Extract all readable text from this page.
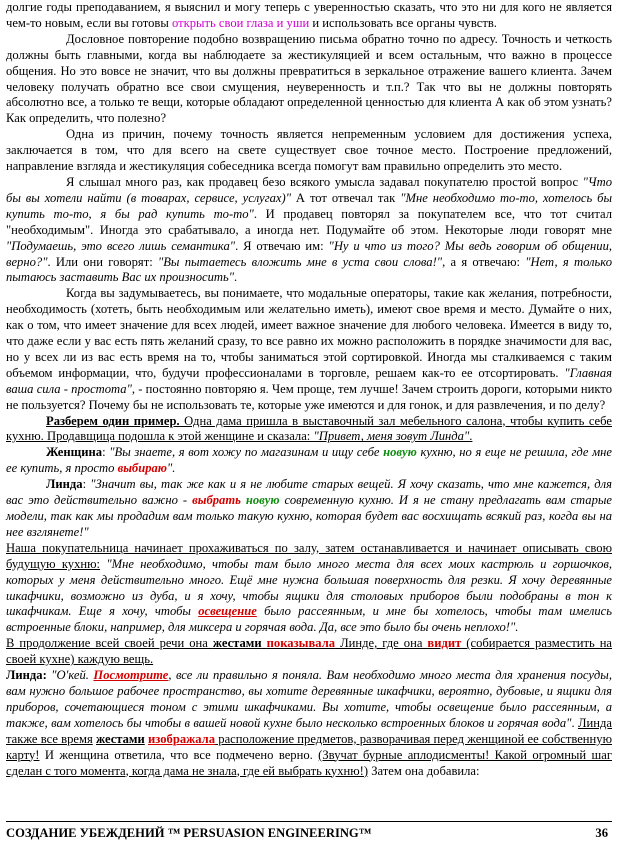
долгие годы преподаванием, я выяснил и могу теперь с уверенностью сказать, что это ни для кого не является чем-то новым, если вы готовы открыть свои глаза и уши и использовать все органы чувств.

Дословное повторение подобно возвращению письма обратно точно по адресу. Точность и четкость должны быть главными, когда вы наблюдаете за жестикуляцией и всем остальным, что важно в процессе общения. Но это вовсе не значит, что вы должны превратиться в зеркальное отражение вашего клиента. Зачем человеку получать обратно все свои смущения, неуверенность и т.п.? Так что вы не должны повторять абсолютно все, а только те вещи, которые обладают определенной ценностью для клиента А как об этом узнать? Как определить, что полезно?

Одна из причин, почему точность является непременным условием для достижения успеха, заключается в том, что для всего на свете существует свое точное место. Построение предложений, направление взгляда и жестикуляция собеседника всегда помогут вам правильно определить это место.

Я слышал много раз, как продавец безо всякого умысла задавал покупателю простой вопрос "Что бы вы хотели найти (в товарах, сервисе, услугах)" А тот отвечал так "Мне необходимо то-то, хотелось бы купить то-то, я бы рад купить то-то". И продавец повторял за покупателем все, что тот считал "необходимым". Иногда это срабатывало, а иногда нет. Подумайте об этом. Некоторые люди говорят мне "Подумаешь, это всего лишь семантика". Я отвечаю им: "Ну и что из того? Мы ведь говорим об общении, верно?". Или они говорят: "Вы пытаетесь вложить мне в уста свои слова!", а я отвечаю: "Нет, я только пытаюсь заставить Вас их произносить".

Когда вы задумываетесь, вы понимаете, что модальные операторы, такие как желания, потребности, необходимость (хотеть, быть необходимым или желательно иметь), имеют свое время и место. Думайте о них, как о том, что имеет значение для всех людей, имеет важное значение для любого человека. Имеется в виду то, что даже если у вас есть пять желаний сразу, то все равно их можно расположить в порядке значимости для вас, но у всех ли из вас есть время на то, чтобы заниматься этой сортировкой. Иногда мы сталкиваемся с таким объемом информации, что, будучи профессионалами в торговле, решаем как-то ее отсортировать. "Главная ваша сила - простота", - постоянно повторяю я. Чем проще, тем лучше! Зачем строить дороги, которыми никто не пользуется? Почему бы не использовать те, которые уже имеются и для гонок, и для развлечения, и по делу?

Разберем один пример. Одна дама пришла в выставочный зал мебельного салона, чтобы купить себе кухню. Продавщица подошла к этой женщине и сказала: "Привет, меня зовут Линда".

Женщина: "Вы знаете, я вот хожу по магазинам и ищу себе новую кухню, но я еще не решила, где мне ее купить, я просто выбираю".

Линда: "Значит вы, так же как и я не любите старых вещей. Я хочу сказать, что мне кажется, для вас это действительно важно - выбрать новую современную кухню. И я не стану предлагать вам старые модели, так как мы продадим вам только такую кухню, которая будет вас восхищать всякий раз, когда вы на нее взглянете!"

Наша покупательница начинает прохаживаться по залу, затем останавливается и начинает описывать свою будущую кухню: "Мне необходимо, чтобы там было много места для всех моих кастрюль и горшочков, которых у меня действительно много. Ещё мне нужна большая поверхность для резки. Я хочу деревянные шкафчики, возможно из дуба, и я хочу, чтобы ящики для столовых приборов были подобраны в тон к шкафчикам. Еще я хочу, чтобы освещение было рассеянным, и мне бы хотелось, чтобы там имелись встроенные блоки, например, для миксера и горячая вода. Да, все это было бы очень неплохо!".

В продолжение всей своей речи она жестами показывала Линде, где она видит (собирается разместить на своей кухне) каждую вещь.

Линда: "О'кей. Посмотрите, все ли правильно я поняла. Вам необходимо много места для хранения посуды, вам нужно большое рабочее пространство, вы хотите деревянные шкафчики, вероятно, дубовые, и ящики для приборов, сочетающиеся тоном с этими шкафчиками. Вы хотите, чтобы освещение было рассеянным, а также, вам хотелось бы чтобы в вашей новой кухне было несколько встроенных блоков и горячая вода". Линда также все время жестами изображала расположение предметов, разворачивая перед женщиной ее собственную карту! И женщина ответила, что все подмечено верно. (Звучат бурные аплодисменты! Какой огромный шаг сделан с того момента, когда дама не знала, где ей выбрать кухню!) Затем она добавила:

СОЗДАНИЕ УБЕЖДЕНИЙ ™ PERSUASION ENGINEERING™	36
